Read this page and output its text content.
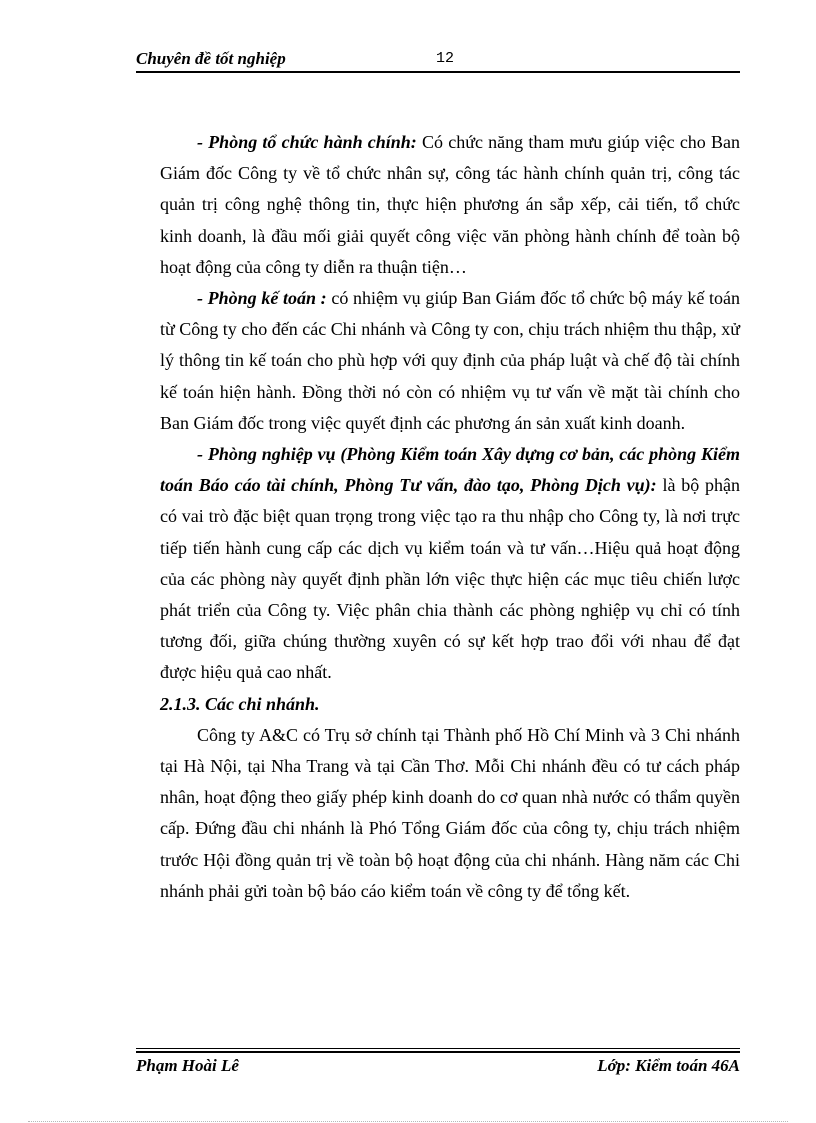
Chuyên đề tốt nghiệp	12

- Phòng tổ chức hành chính: Có chức năng tham mưu giúp việc cho Ban Giám đốc Công ty về tổ chức nhân sự, công tác hành chính quản trị, công tác quản trị công nghệ thông tin, thực hiện phương án sắp xếp, cải tiến, tổ chức kinh doanh, là đầu mối giải quyết công việc văn phòng hành chính để toàn bộ hoạt động của công ty diễn ra thuận tiện…

- Phòng kế toán : có nhiệm vụ giúp Ban Giám đốc tổ chức bộ máy kế toán từ Công ty cho đến các Chi nhánh và Công ty con, chịu trách nhiệm thu thập, xử lý thông tin kế toán cho phù hợp với quy định của pháp luật và chế độ tài chính kế toán hiện hành. Đồng thời nó còn có nhiệm vụ tư vấn về mặt tài chính cho Ban Giám đốc trong việc quyết định các phương án sản xuất kinh doanh.

- Phòng nghiệp vụ (Phòng Kiểm toán Xây dựng cơ bản, các phòng Kiểm toán Báo cáo tài chính, Phòng Tư vấn, đào tạo, Phòng Dịch vụ): là bộ phận có vai trò đặc biệt quan trọng trong việc tạo ra thu nhập cho Công ty, là nơi trực tiếp tiến hành cung cấp các dịch vụ kiểm toán và tư vấn…Hiệu quả hoạt động của các phòng này quyết định phần lớn việc thực hiện các mục tiêu chiến lược phát triển của Công ty. Việc phân chia thành các phòng nghiệp vụ chỉ có tính tương đối, giữa chúng thường xuyên có sự kết hợp trao đổi với nhau để đạt được hiệu quả cao nhất.

2.1.3. Các chi nhánh.

Công ty A&C có Trụ sở chính tại Thành phố Hồ Chí Minh và 3 Chi nhánh tại Hà Nội, tại Nha Trang và tại Cần Thơ. Mỗi Chi nhánh đều có tư cách pháp nhân, hoạt động theo giấy phép kinh doanh do cơ quan nhà nước có thẩm quyền cấp. Đứng đầu chi nhánh là Phó Tổng Giám đốc của công ty, chịu trách nhiệm trước Hội đồng quản trị về toàn bộ hoạt động của chi nhánh. Hàng năm các Chi nhánh phải gửi toàn bộ báo cáo kiểm toán về công ty để tổng kết.

Phạm Hoài Lê	Lớp: Kiểm toán 46A
